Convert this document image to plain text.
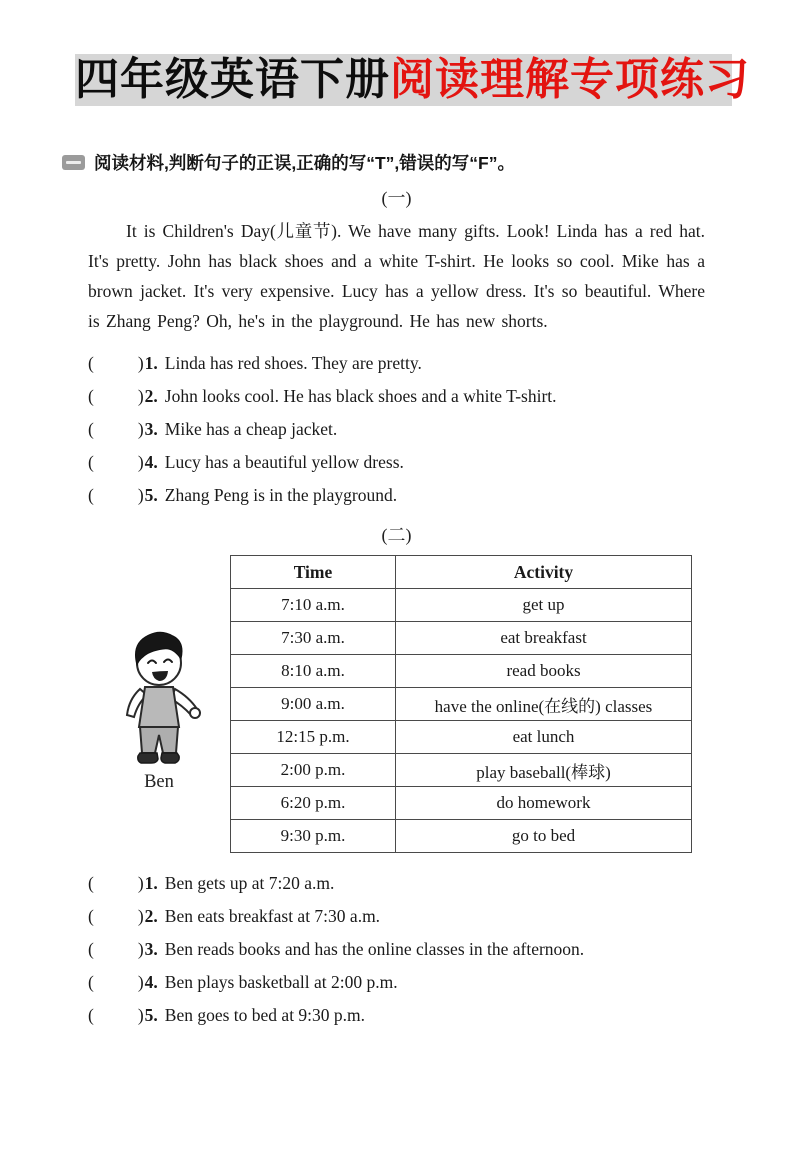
四年级英语下册阅读理解专项练习
阅读材料,判断句子的正误,正确的写“T”,错误的写“F”。
(一)

It is Children's Day(儿童节). We have many gifts. Look! Linda has a red hat. It's pretty. John has black shoes and a white T-shirt. He looks so cool. Mike has a brown jacket. It's very expensive. Lucy has a yellow dress. It's so beautiful. Where is Zhang Peng? Oh, he's in the playground. He has new shorts.

(	)1. Linda has red shoes. They are pretty.
(	)2. John looks cool. He has black shoes and a white T-shirt.
(	)3. Mike has a cheap jacket.
(	)4. Lucy has a beautiful yellow dress.
(	)5. Zhang Peng is in the playground.
(二)
Ben
Time	Activity
7:10 a.m.	get up
7:30 a.m.	eat breakfast
8:10 a.m.	read books
9:00 a.m.	have the online(在线的) classes
12:15 p.m.	eat lunch
2:00 p.m.	play baseball(棒球)
6:20 p.m.	do homework
9:30 p.m.	go to bed
(	)1. Ben gets up at 7:20 a.m.
(	)2. Ben eats breakfast at 7:30 a.m.
(	)3. Ben reads books and has the online classes in the afternoon.
(	)4. Ben plays basketball at 2:00 p.m.
(	)5. Ben goes to bed at 9:30 p.m.
